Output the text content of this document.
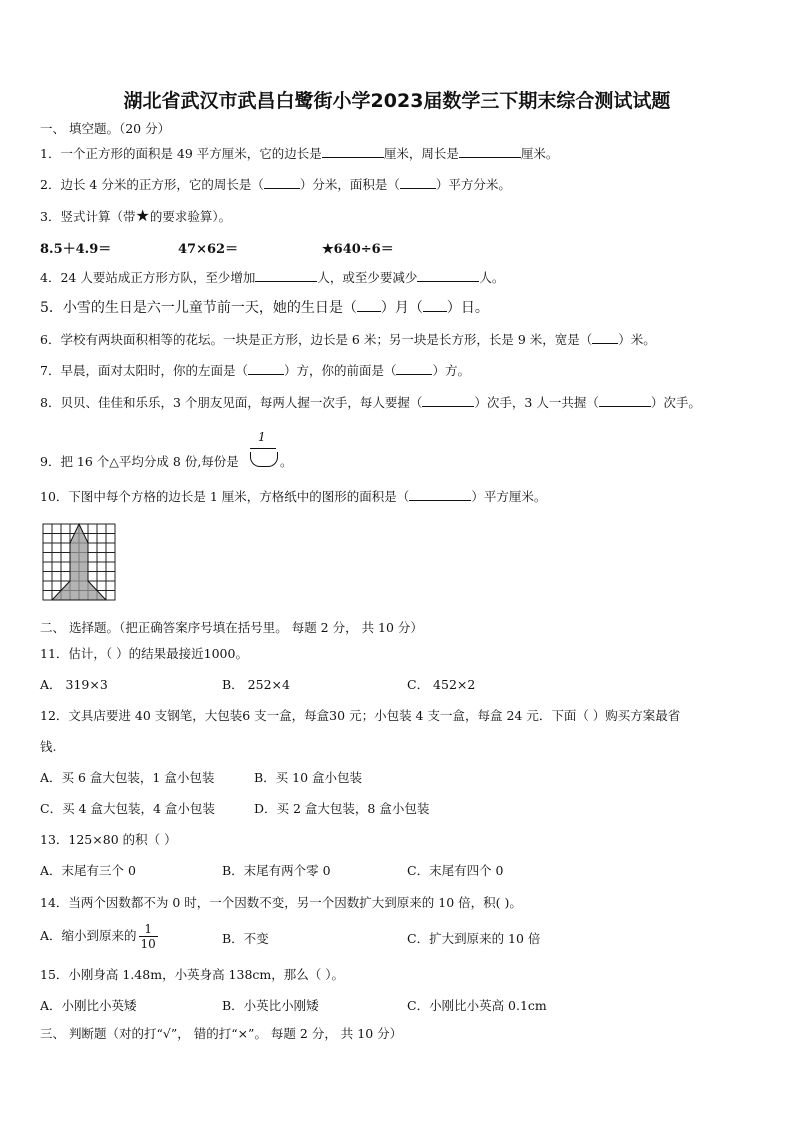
湖北省武汉市武昌白鹭街小学2023届数学三下期末综合测试试题
一、 填空题。（20 分）
1．一个正方形的面积是 49 平方厘米，它的边长是	厘米，周长是	厘米。
2．边长 4 分米的正方形，它的周长是（	）分米，面积是（	）平方分米。
3．竖式计算（带★的要求验算）。
8.5＋4.9＝	47×62＝	★640÷6＝
4．24 人要站成正方形方队，至少增加	人，或至少要减少	人。
5．小雪的生日是六一儿童节前一天，她的生日是（ ）月（ ）日。
6．学校有两块面积相等的花坛。一块是正方形，边长是 6 米；另一块是长方形，长是 9 米，宽是（ ）米。
7．早晨，面对太阳时，你的左面是（	）方，你的前面是（	）方。
8．贝贝、佳佳和乐乐，3 个朋友见面，每两人握一次手，每人要握（	）次手，3 人一共握（	）次手。
9．把 16 个△平均分成 8 份,每份是
1
。
10．下图中每个方格的边长是 1 厘米，方格纸中的图形的面积是（	）平方厘米。
二、 选择题。（把正确答案序号填在括号里。 每题 2 分， 共 10 分）
11．估计，（ ）的结果最接近1000。
A． 319×3	B． 252×4	C． 452×2
12．文具店要进 40 支钢笔，大包装6 支一盒，每盒30 元；小包装 4 支一盒，每盒 24 元．下面（ ）购买方案最省
钱.
A．买 6 盒大包装，1 盒小包装	B．买 10 盒小包装
C．买 4 盒大包装，4 盒小包装	D．买 2 盒大包装，8 盒小包装
13．125×80 的积（ ）
A．末尾有三个 0	B．末尾有两个零 0	C．末尾有四个 0
14．当两个因数都不为 0 时，一个因数不变，另一个因数扩大到原来的 10 倍，积( )。
A．缩小到原来的 $\frac{1}{10}$	B．不变	C．扩大到原来的 10 倍
15．小刚身高 1.48m，小英身高 138cm，那么（ ）。
A．小刚比小英矮	B．小英比小刚矮	C．小刚比小英高 0.1cm
三、 判断题（对的打“√”， 错的打“×”。 每题 2 分， 共 10 分）
